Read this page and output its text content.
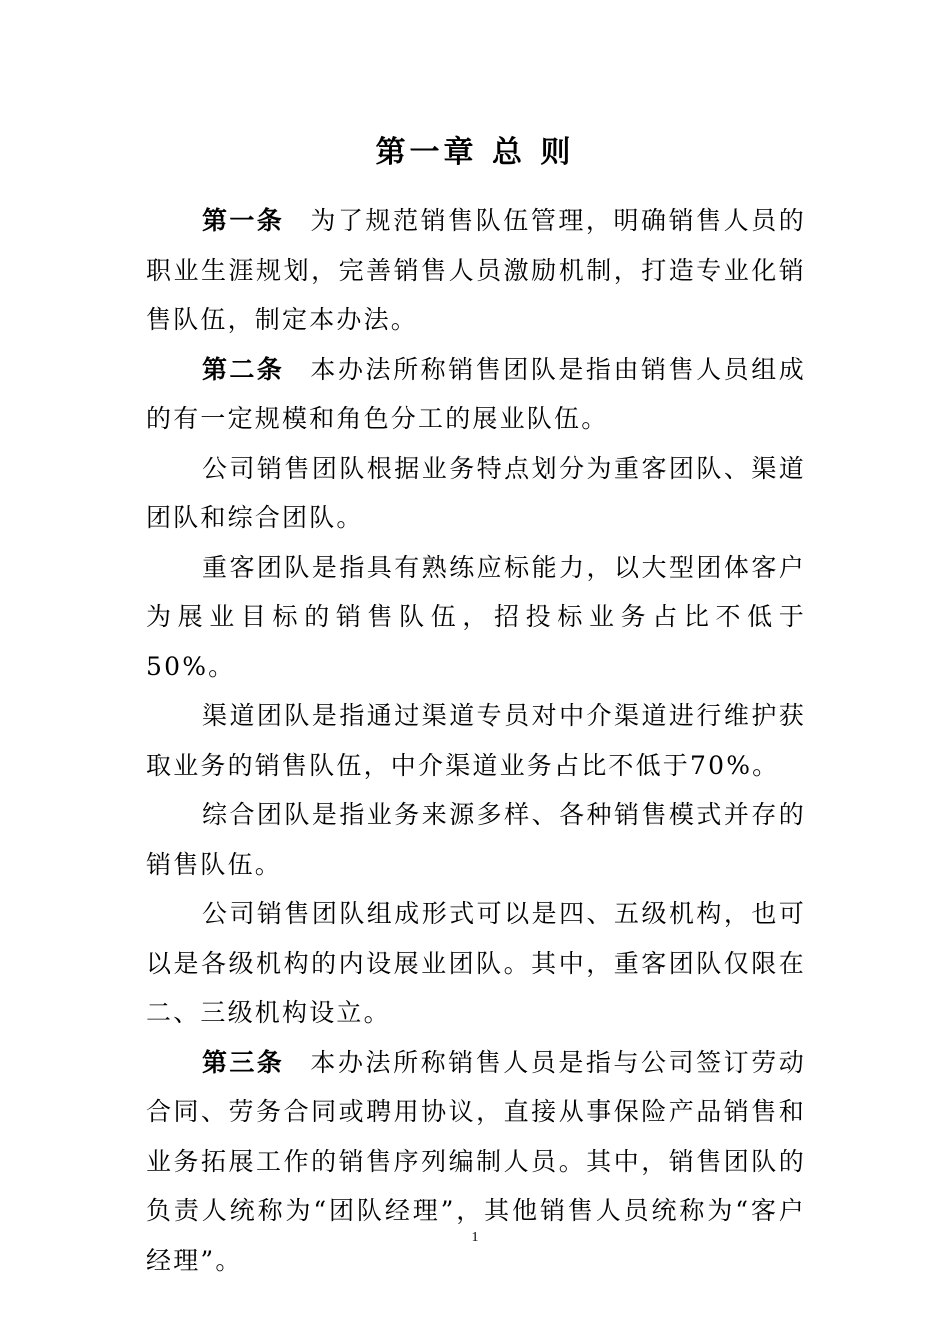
第一章 总 则

第一条 为了规范销售队伍管理，明确销售人员的职业生涯规划，完善销售人员激励机制，打造专业化销售队伍，制定本办法。

第二条 本办法所称销售团队是指由销售人员组成的有一定规模和角色分工的展业队伍。

公司销售团队根据业务特点划分为重客团队、渠道团队和综合团队。

重客团队是指具有熟练应标能力，以大型团体客户为展业目标的销售队伍，招投标业务占比不低于50%。

渠道团队是指通过渠道专员对中介渠道进行维护获取业务的销售队伍，中介渠道业务占比不低于70%。

综合团队是指业务来源多样、各种销售模式并存的销售队伍。

公司销售团队组成形式可以是四、五级机构，也可以是各级机构的内设展业团队。其中，重客团队仅限在二、三级机构设立。

第三条 本办法所称销售人员是指与公司签订劳动合同、劳务合同或聘用协议，直接从事保险产品销售和业务拓展工作的销售序列编制人员。其中，销售团队的负责人统称为“团队经理”，其他销售人员统称为“客户经理”。

1
